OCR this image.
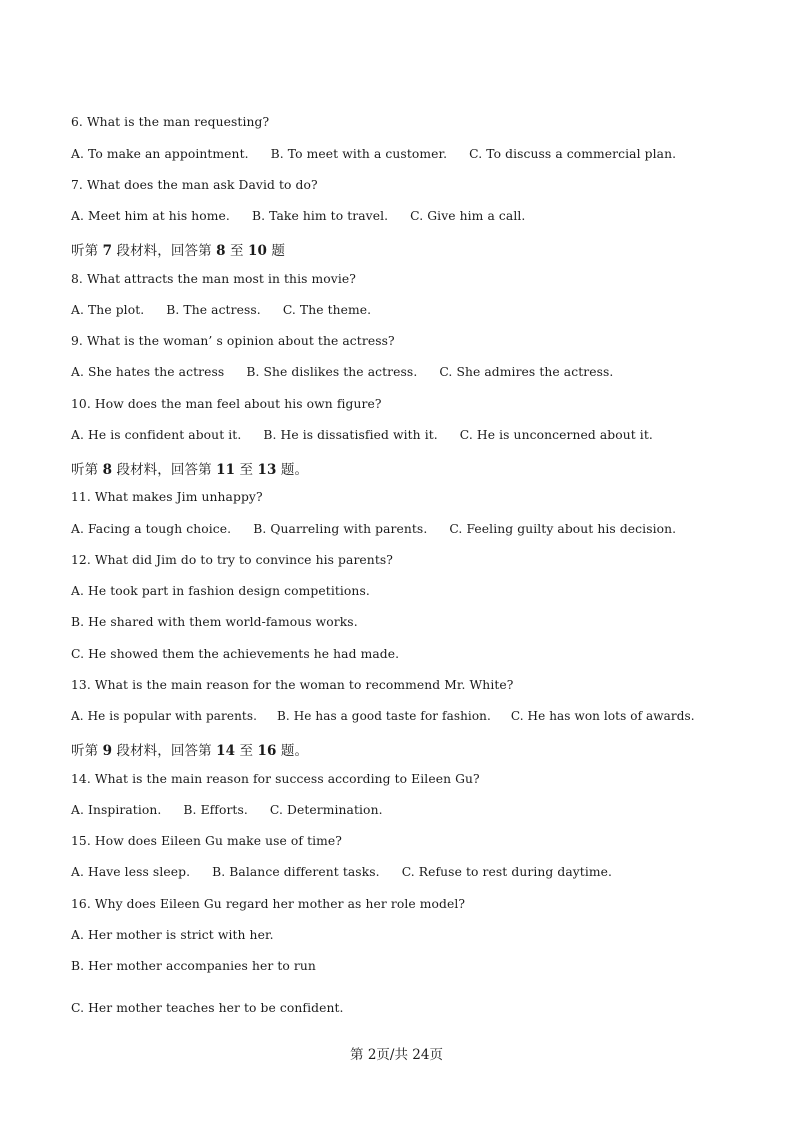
6. What is the man requesting?
A. To make an appointment. B. To meet with a customer. C. To discuss a commercial plan.
7. What does the man ask David to do?
A. Meet him at his home. B. Take him to travel. C. Give him a call.
听第 7 段材料，回答第 8 至 10 题
8. What attracts the man most in this movie?
A. The plot. B. The actress. C. The theme.
9. What is the woman’ s opinion about the actress?
A. She hates the actress B. She dislikes the actress. C. She admires the actress.
10. How does the man feel about his own figure?
A. He is confident about it. B. He is dissatisfied with it. C. He is unconcerned about it.
听第 8 段材料，回答第 11 至 13 题。
11. What makes Jim unhappy?
A. Facing a tough choice. B. Quarreling with parents. C. Feeling guilty about his decision.
12. What did Jim do to try to convince his parents?
A. He took part in fashion design competitions.
B. He shared with them world-famous works.
C. He showed them the achievements he had made.
13. What is the main reason for the woman to recommend Mr. White?
A. He is popular with parents. B. He has a good taste for fashion. C. He has won lots of awards.
听第 9 段材料，回答第 14 至 16 题。
14. What is the main reason for success according to Eileen Gu?
A. Inspiration. B. Efforts. C. Determination.
15. How does Eileen Gu make use of time?
A. Have less sleep. B. Balance different tasks. C. Refuse to rest during daytime.
16. Why does Eileen Gu regard her mother as her role model?
A. Her mother is strict with her.
B. Her mother accompanies her to run
C. Her mother teaches her to be confident.
第 2页/共 24页
